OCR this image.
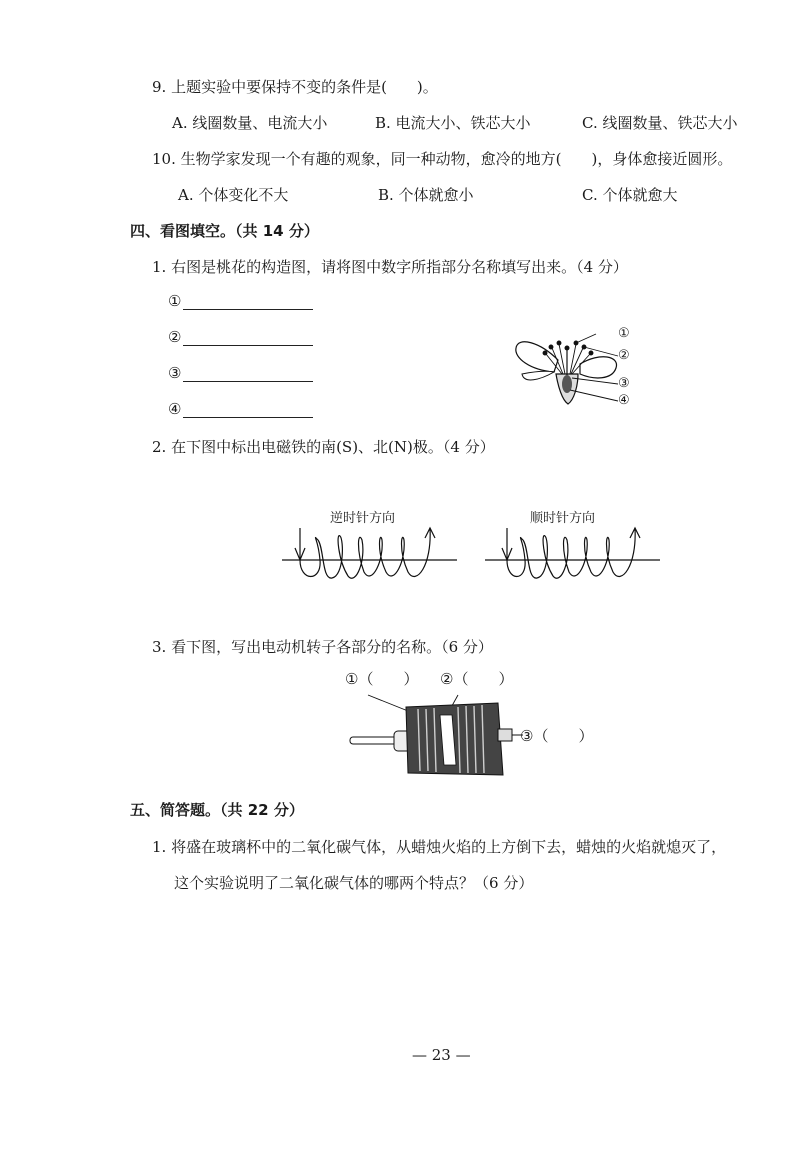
9. 上题实验中要保持不变的条件是(　　)。
A. 线圈数量、电流大小	B. 电流大小、铁芯大小	C. 线圈数量、铁芯大小
10. 生物学家发现一个有趣的观象，同一种动物，愈冷的地方(　　)，身体愈接近圆形。
A. 个体变化不大	B. 个体就愈小	C. 个体就愈大
四、看图填空。（共 14 分）
1. 右图是桃花的构造图，请将图中数字所指部分名称填写出来。（4 分）
①
②
③
④
①
②
③
④
2. 在下图中标出电磁铁的南(S)、北(N)极。（4 分）
逆时针方向	顺时针方向
3. 看下图，写出电动机转子各部分的名称。（6 分）
①（　　） ②（　　）
③（　　）
五、简答题。（共 22 分）
1. 将盛在玻璃杯中的二氧化碳气体，从蜡烛火焰的上方倒下去，蜡烛的火焰就熄灭了，
这个实验说明了二氧化碳气体的哪两个特点？（6 分）
— 23 —
